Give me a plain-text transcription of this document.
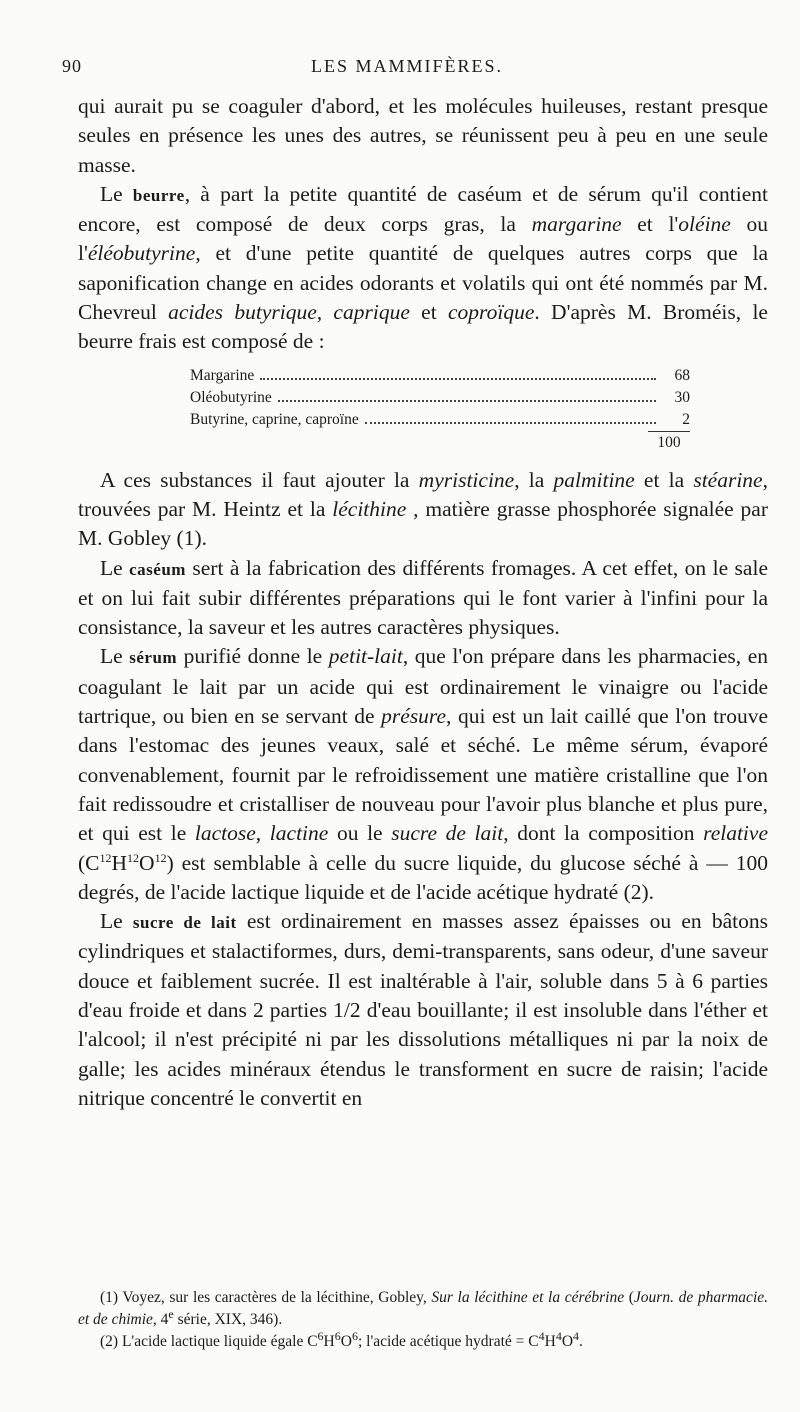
90	LES MAMMIFÈRES.

qui aurait pu se coaguler d'abord, et les molécules huileuses, restant presque seules en présence les unes des autres, se réunissent peu à peu en une seule masse.

Le beurre, à part la petite quantité de caséum et de sérum qu'il contient encore, est composé de deux corps gras, la margarine et l'oléine ou l'éléobutyrine, et d'une petite quantité de quelques autres corps que la saponification change en acides odorants et volatils qui ont été nommés par M. Chevreul acides butyrique, caprique et coproïque. D'après M. Broméis, le beurre frais est composé de :

Margarine	68
Oléobutyrine	30
Butyrine, caprine, caproïne	2
100

A ces substances il faut ajouter la myristicine, la palmitine et la stéarine, trouvées par M. Heintz et la lécithine , matière grasse phosphorée signalée par M. Gobley (1).

Le caséum sert à la fabrication des différents fromages. A cet effet, on le sale et on lui fait subir différentes préparations qui le font varier à l'infini pour la consistance, la saveur et les autres caractères physiques.

Le sérum purifié donne le petit-lait, que l'on prépare dans les pharmacies, en coagulant le lait par un acide qui est ordinairement le vinaigre ou l'acide tartrique, ou bien en se servant de présure, qui est un lait caillé que l'on trouve dans l'estomac des jeunes veaux, salé et séché. Le même sérum, évaporé convenablement, fournit par le refroidissement une matière cristalline que l'on fait redissoudre et cristalliser de nouveau pour l'avoir plus blanche et plus pure, et qui est le lactose, lactine ou le sucre de lait, dont la composition relative $(C^{12}H^{12}O^{12})$ est semblable à celle du sucre liquide, du glucose séché à — 100 degrés, de l'acide lactique liquide et de l'acide acétique hydraté (2).

Le sucre de lait est ordinairement en masses assez épaisses ou en bâtons cylindriques et stalactiformes, durs, demi-transparents, sans odeur, d'une saveur douce et faiblement sucrée. Il est inaltérable à l'air, soluble dans 5 à 6 parties d'eau froide et dans 2 parties 1/2 d'eau bouillante; il est insoluble dans l'éther et l'alcool; il n'est précipité ni par les dissolutions métalliques ni par la noix de galle; les acides minéraux étendus le transforment en sucre de raisin; l'acide nitrique concentré le convertit en

(1) Voyez, sur les caractères de la lécithine, Gobley, Sur la lécithine et la cérébrine (Journ. de pharmacie. et de chimie, 4e série, XIX, 346).

(2) L'acide lactique liquide égale $C^6H^6O^6$; l'acide acétique hydraté = $C^4H^4O^4$.
